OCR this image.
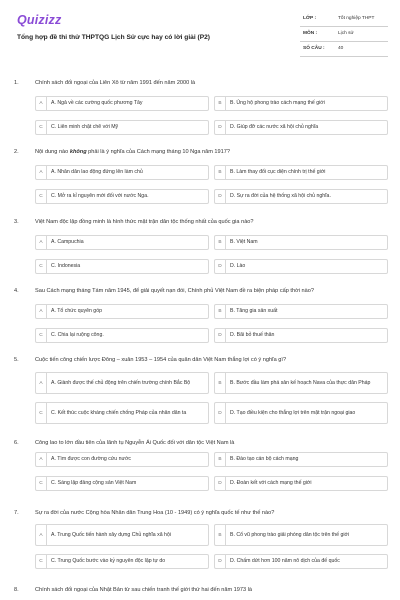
Quizizz
Tổng hợp đề thi thử THPTQG Lịch Sử cực hay có lời giải (P2)
LỚP :	Tốt nghiệp THPT
MÔN :	Lịch sử
SỐ CÂU :	40
1.	Chính sách đối ngoại của Liên Xô từ năm 1991 đến năm 2000 là
A	A. Ngả về các cường quốc phương Tây	B	B. Ủng hộ phong trào cách mạng thế giới
C	C. Liên minh chặt chẽ với Mỹ	D	D. Giúp đỡ các nước xã hội chủ nghĩa
2.	Nội dung nào không phải là ý nghĩa của Cách mạng tháng 10 Nga năm 1917?
A	A. Nhân dân lao động đứng lên làm chủ	B	B. Làm thay đổi cục diện chính trị thế giới
C	C. Mở ra kỉ nguyên mới đối với nước Nga.	D	D. Sự ra đời của hệ thống xã hội chủ nghĩa.
3.	Việt Nam độc lập đồng minh là hình thức mặt trận dân tộc thống nhất của quốc gia nào?
A	A. Campuchia	B	B. Việt Nam
C	C. Indonesia	D	D. Lào
4.	Sau Cách mạng tháng Tám năm 1945, để giải quyết nạn đói, Chính phủ Việt Nam đề ra biện pháp cấp thời nào?
A	A. Tổ chức quyên góp	B	B. Tăng gia sản xuất
C	C. Chia lại ruộng công.	D	D. Bãi bỏ thuế thân
5.	Cuộc tiến công chiến lược Đông – xuân 1953 – 1954 của quân dân Việt Nam thắng lợi có ý nghĩa gì?
A	A. Giành được thế chủ động trên chiến trường chính Bắc Bộ	B	B. Bước đầu làm phá sản kế hoạch Nava của thực dân Pháp
C	C. Kết thúc cuộc kháng chiến chống Pháp của nhân dân ta	D	D. Tạo điều kiện cho thắng lợi trên mặt trận ngoại giao
6.	Công lao to lớn đầu tiên của lãnh tụ Nguyễn Ái Quốc đối với dân tộc Việt Nam là
A	A. Tìm được con đường cứu nước	B	B. Đào tạo cán bộ cách mạng
C	C. Sáng lập đảng cộng sản Việt Nam	D	D. Đoàn kết với cách mạng thế giới
7.	Sự ra đời của nước Cộng hòa Nhân dân Trung Hoa (10 - 1949) có ý nghĩa quốc tế như thế nào?
A	A. Trung Quốc tiến hành xây dựng Chủ nghĩa xã hội	B	B. Cổ vũ phong trào giải phóng dân tộc trên thế giới
C	C. Trung Quốc bước vào kỷ nguyên độc lập tự do	D	D. Chấm dứt hơn 100 năm nô dịch của đế quốc
8.	Chính sách đối ngoại của Nhật Bản từ sau chiến tranh thế giới thứ hai đến năm 1973 là
